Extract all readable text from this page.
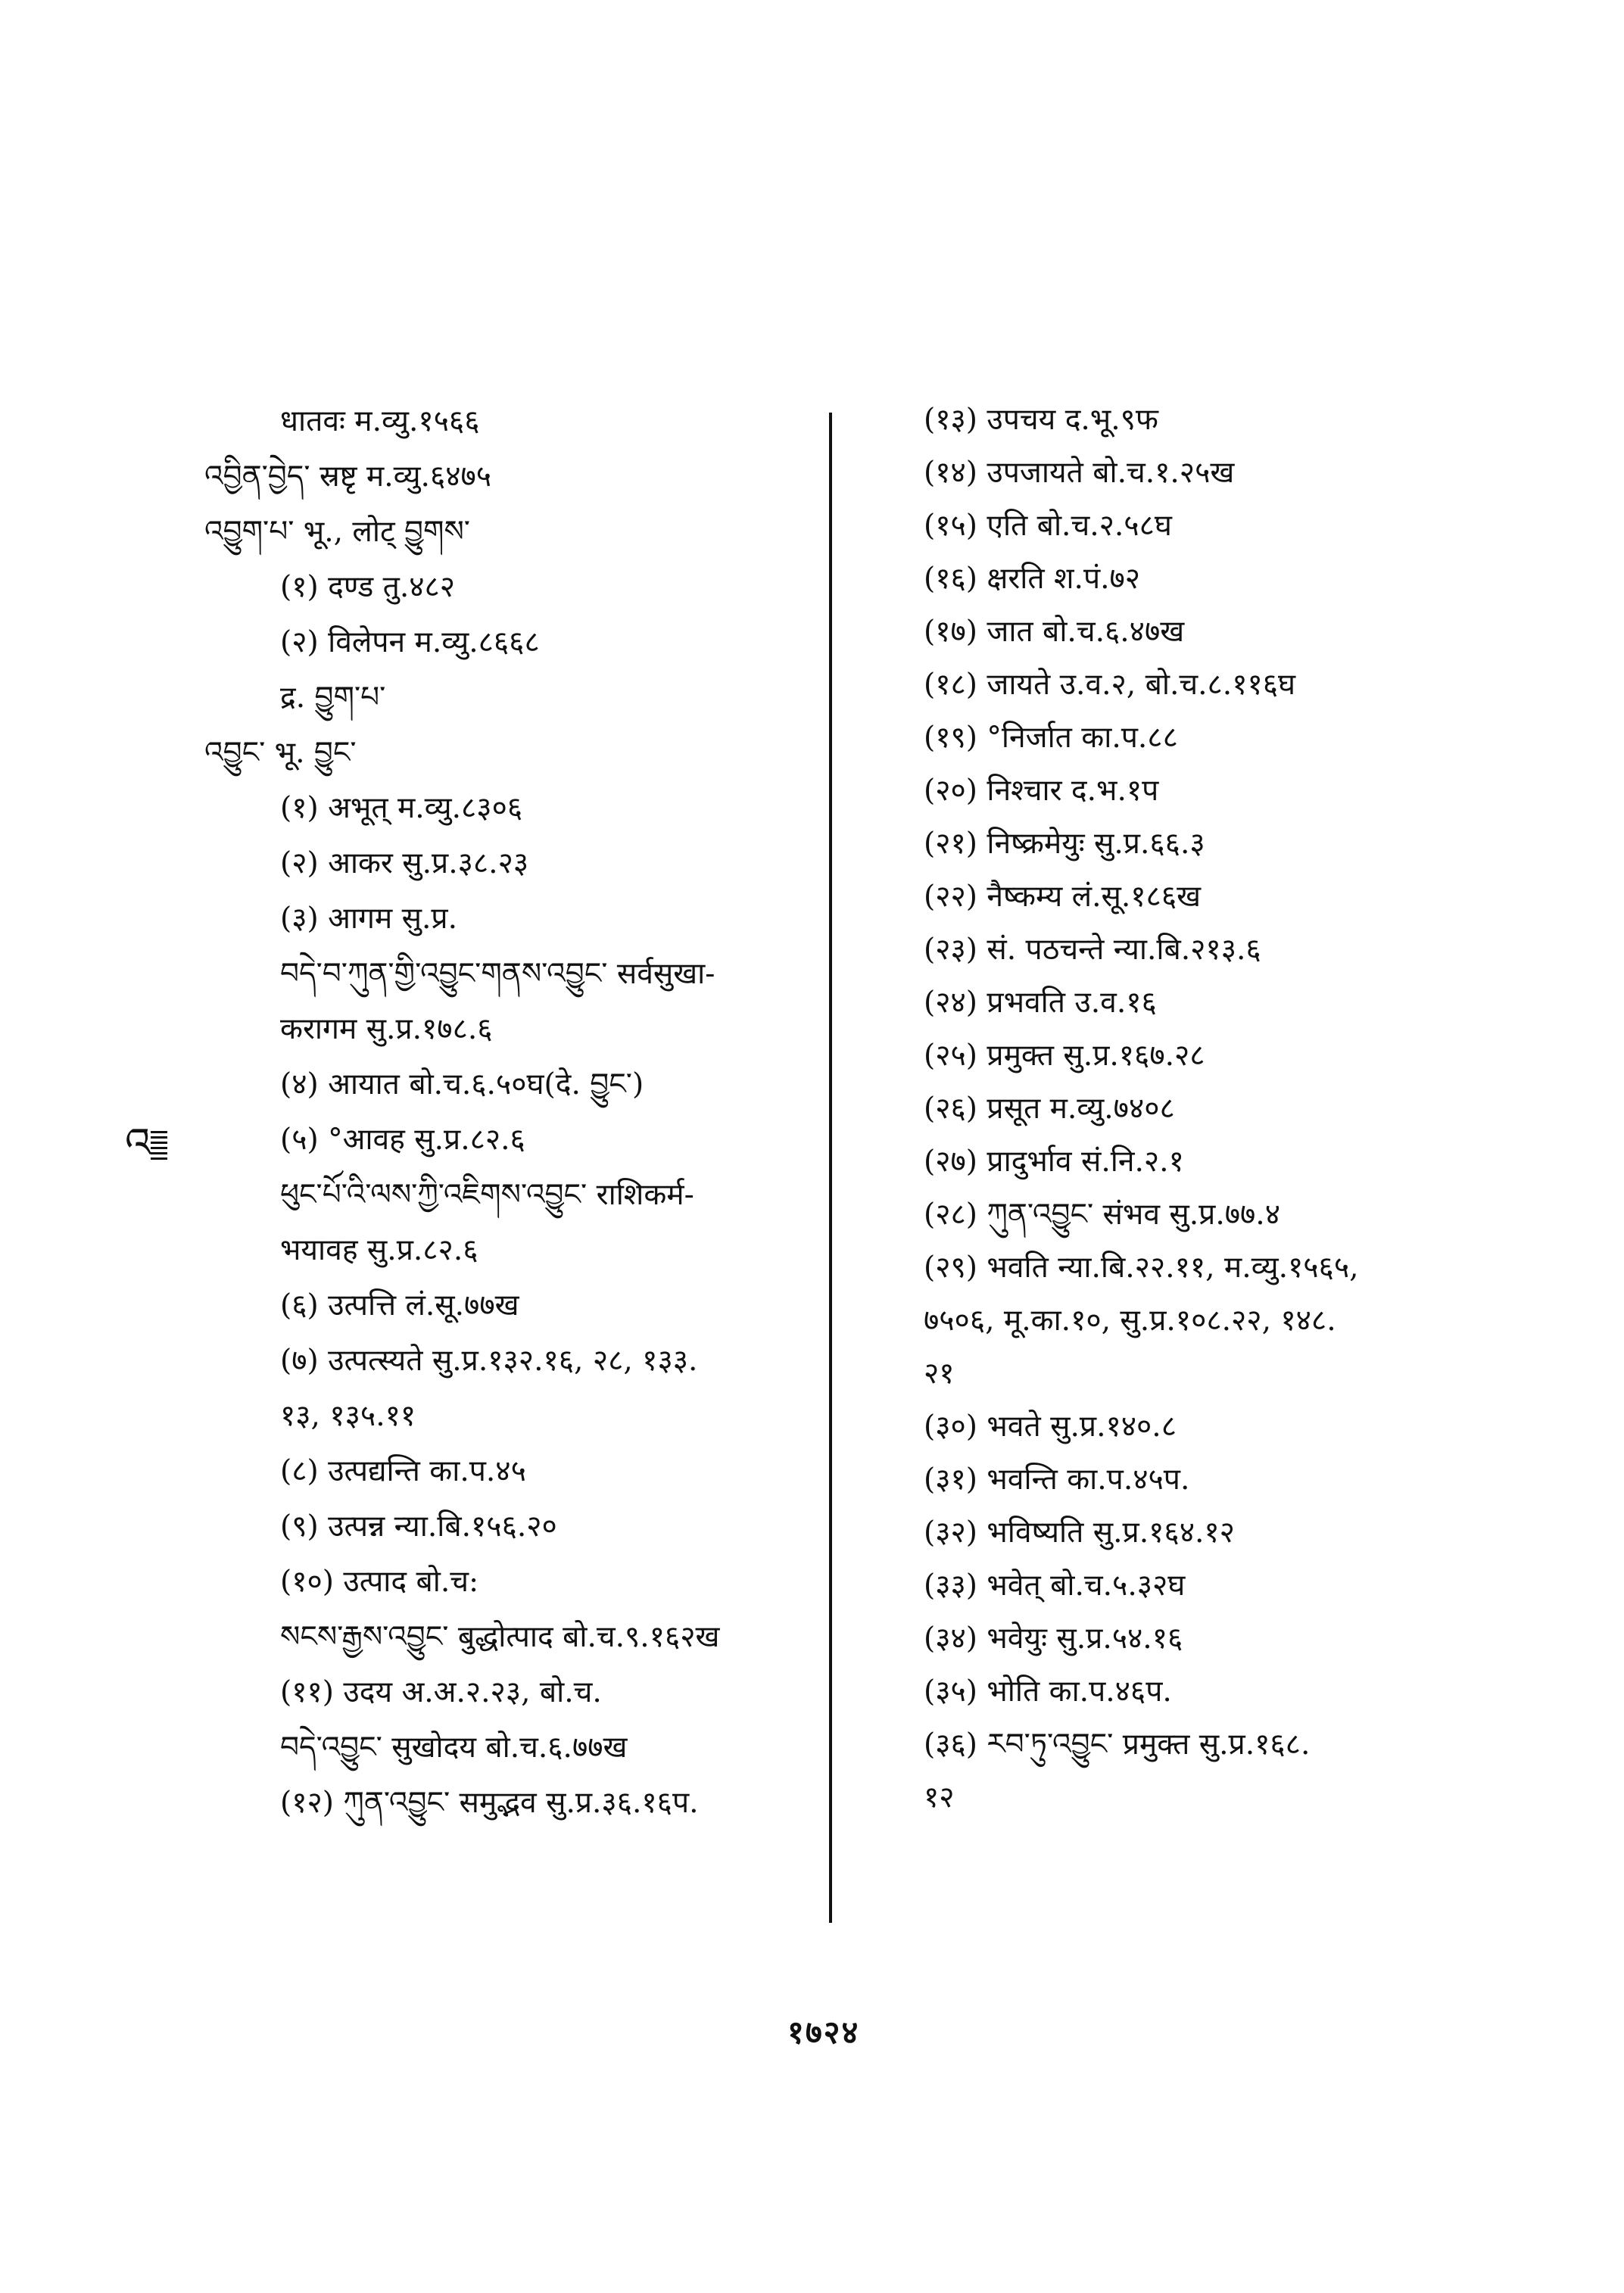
धातवः म.व्यु.१५६६
འབྱིན་བྱེད་ स्रष्टृ म.व्यु.६४७५
འབྱུག་པ་ भू., लोट् བྱུགས་
(१) दण्ड तु.४८२
(२) विलेपन म.व्यु.८६६८
द्र. བྱུག་པ་
འབྱུང་ भू. བྱུང་
(१) अभूत् म.व्यु.८३०६
(२) आकर सु.प्र.३८.२३
(३) आगम सु.प्र.
བདེ་བ་ཀུན་གྱི་འབྱུང་གནས་འབྱུང་ सर्वसुखा-
करागम सु.प्र.१७८.६
(४) आयात बो.च.६.५०घ(दे. བྱུང་)
(५) °आवह सु.प्र.८२.६
ཕུང་པོ་འི་ལས་ཀྱི་འཇིགས་འབྱུང་ राशिकर्म-
भयावह सु.प्र.८२.६
(६) उत्पत्ति लं.सू.७७ख
(७) उत्पत्स्यते सु.प्र.१३२.१६, २८, १३३.
१३, १३५.११
(८) उत्पद्यन्ति का.प.४५
(९) उत्पन्न न्या.बि.१५६.२०
(१०) उत्पाद बो.च:
སངས་རྒྱས་འབྱུང་ बुद्धोत्पाद बो.च.९.१६२ख
(११) उदय अ.अ.२.२३, बो.च.
བདེ་འབྱུང་ सुखोदय बो.च.६.७७ख
(१२) ཀུན་འབྱུང་ समुद्भव सु.प्र.३६.१६प.
(१३) उपचय द.भू.९फ
(१४) उपजायते बो.च.१.२५ख
(१५) एति बो.च.२.५८घ
(१६) क्षरति श.पं.७२
(१७) जात बो.च.६.४७ख
(१८) जायते उ.व.२, बो.च.८.११६घ
(१९) °निर्जात का.प.८८
(२०) निश्चार द.भ.१प
(२१) निष्क्रमेयुः सु.प्र.६६.३
(२२) नैष्कम्य लं.सू.१८६ख
(२३) सं. पठचन्ते न्या.बि.२१३.६
(२४) प्रभवति उ.व.१६
(२५) प्रमुक्त सु.प्र.१६७.२८
(२६) प्रसूत म.व्यु.७४०८
(२७) प्रादुर्भाव सं.नि.२.१
(२८) ཀུན་འབྱུང་ संभव सु.प्र.७७.४
(२९) भवति न्या.बि.२२.११, म.व्यु.१५६५,
७५०६, मू.का.१०, सु.प्र.१०८.२२, १४८.
२१
(३०) भवते सु.प्र.१४०.८
(३१) भवन्ति का.प.४५प.
(३२) भविष्यति सु.प्र.१६४.१२
(३३) भवेत् बो.च.५.३२घ
(३४) भवेयुः सु.प्र.५४.१६
(३५) भोति का.प.४६प.
(३६) རབ་ཏུ་འབྱུང་ प्रमुक्त सु.प्र.१६८.
१२
འ
१७२४
